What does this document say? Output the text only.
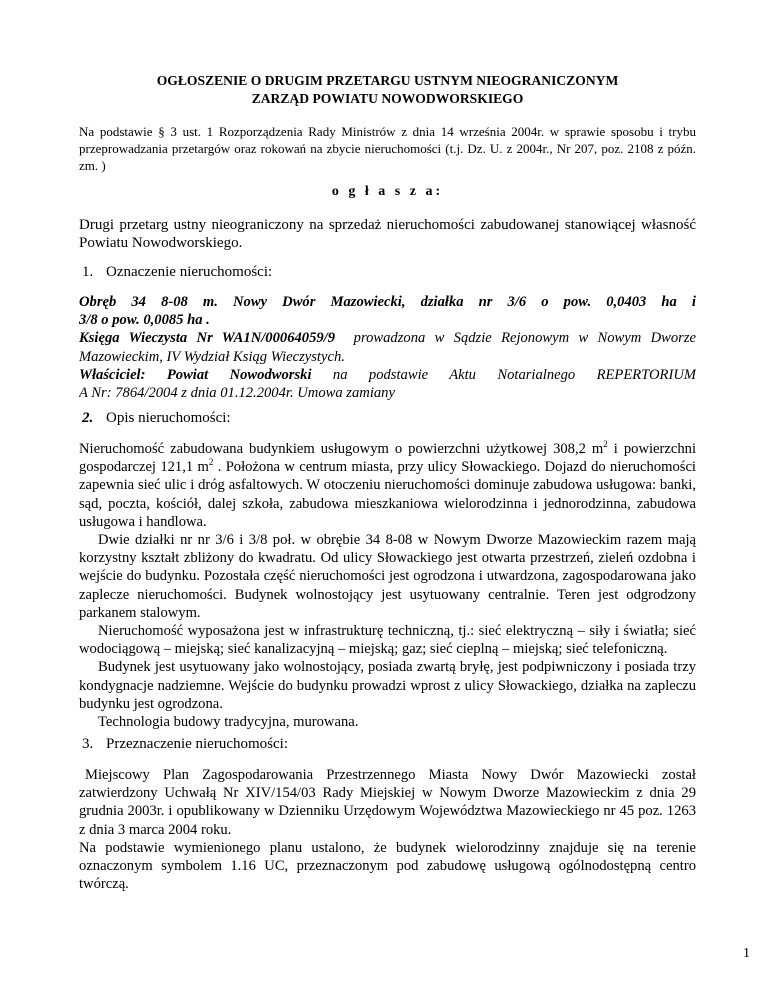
OGŁOSZENIE O DRUGIM PRZETARGU USTNYM NIEOGRANICZONYM
ZARZĄD POWIATU NOWODWORSKIEGO

Na podstawie § 3 ust. 1 Rozporządzenia Rady Ministrów z dnia 14 września 2004r. w sprawie sposobu i trybu przeprowadzania przetargów oraz rokowań na zbycie nieruchomości (t.j. Dz. U. z 2004r., Nr 207, poz. 2108 z późn. zm. )

o g ł a s z a:

Drugi przetarg ustny nieograniczony na sprzedaż nieruchomości zabudowanej stanowiącej własność Powiatu Nowodworskiego.

1. Oznaczenie nieruchomości:
Obręb 34 8-08 m. Nowy Dwór Mazowiecki, działka nr 3/6 o pow. 0,0403 ha i
3/8 o pow. 0,0085 ha .
Księga Wieczysta Nr WA1N/00064059/9 prowadzona w Sądzie Rejonowym w Nowym Dworze
Mazowieckim, IV Wydział Ksiąg Wieczystych.
Właściciel: Powiat Nowodworski na podstawie Aktu Notarialnego REPERTORIUM
A Nr: 7864/2004 z dnia 01.12.2004r. Umowa zamiany
2. Opis nieruchomości:

Nieruchomość zabudowana budynkiem usługowym o powierzchni użytkowej 308,2 $m^2$ i powierzchni gospodarczej 121,1 $m^2$ . Położona w centrum miasta, przy ulicy Słowackiego. Dojazd do nieruchomości zapewnia sieć ulic i dróg asfaltowych. W otoczeniu nieruchomości dominuje zabudowa usługowa: banki, sąd, poczta, kościół, dalej szkoła, zabudowa mieszkaniowa wielorodzinna i jednorodzinna, zabudowa usługowa i handlowa.

Dwie działki nr nr 3/6 i 3/8 poł. w obrębie 34 8-08 w Nowym Dworze Mazowieckim razem mają korzystny kształt zbliżony do kwadratu. Od ulicy Słowackiego jest otwarta przestrzeń, zieleń ozdobna i wejście do budynku. Pozostała część nieruchomości jest ogrodzona i utwardzona, zagospodarowana jako zaplecze nieruchomości. Budynek wolnostojący jest usytuowany centralnie. Teren jest odgrodzony parkanem stalowym.

Nieruchomość wyposażona jest w infrastrukturę techniczną, tj.: sieć elektryczną – siły i światła; sieć wodociągową – miejską; sieć kanalizacyjną – miejską; gaz; sieć cieplną – miejską; sieć telefoniczną.

Budynek jest usytuowany jako wolnostojący, posiada zwartą bryłę, jest podpiwniczony i posiada trzy kondygnacje nadziemne. Wejście do budynku prowadzi wprost z ulicy Słowackiego, działka na zapleczu budynku jest ogrodzona.

Technologia budowy tradycyjna, murowana.

3. Przeznaczenie nieruchomości:

Miejscowy Plan Zagospodarowania Przestrzennego Miasta Nowy Dwór Mazowiecki został zatwierdzony Uchwałą Nr XIV/154/03 Rady Miejskiej w Nowym Dworze Mazowieckim z dnia 29 grudnia 2003r. i opublikowany w Dzienniku Urzędowym Województwa Mazowieckiego nr 45 poz. 1263 z dnia 3 marca 2004 roku.

Na podstawie wymienionego planu ustalono, że budynek wielorodzinny znajduje się na terenie oznaczonym symbolem 1.16 UC, przeznaczonym pod zabudowę usługową ogólnodostępną centro twórczą.

1
